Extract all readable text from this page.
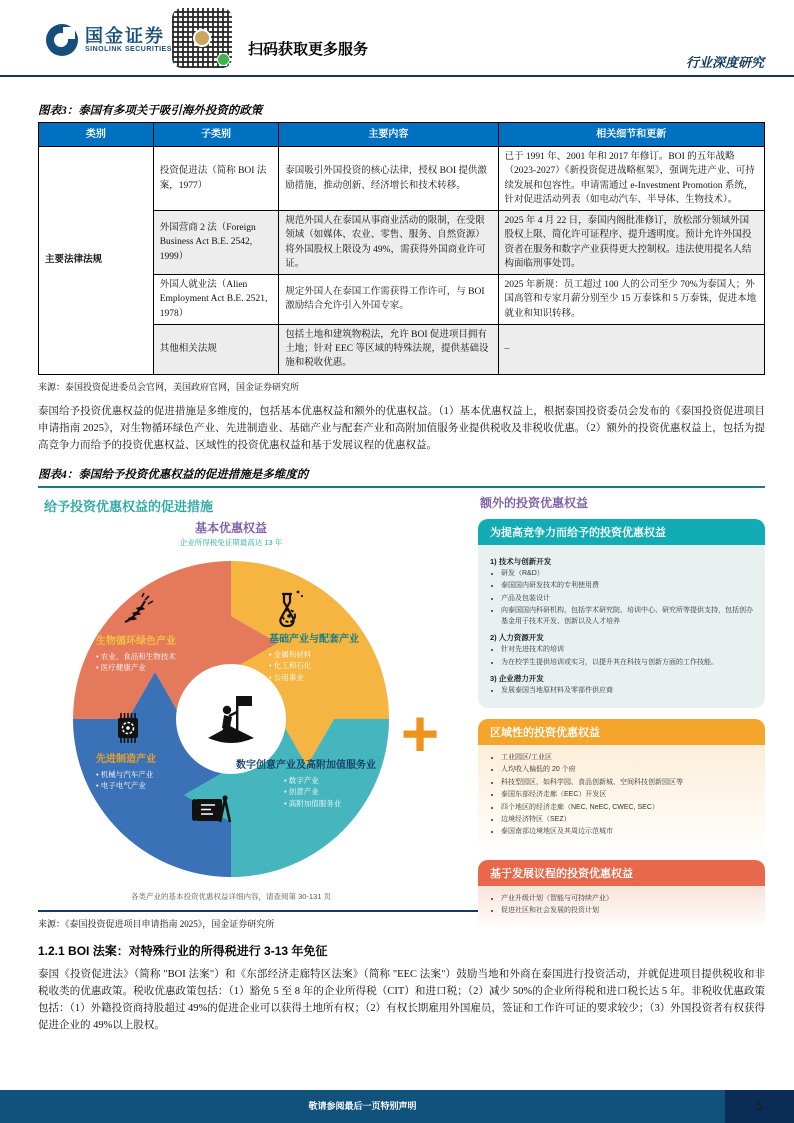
国金证券
SINOLINK SECURITIES	扫码获取更多服务
行业深度研究
图表3：泰国有多项关于吸引海外投资的政策
类别	子类别	主要内容	相关细节和更新
主要法律法规	投资促进法（简称 BOI 法案，1977）	泰国吸引外国投资的核心法律，授权 BOI 提供激励措施，推动创新、经济增长和技术转移。	已于 1991 年、2001 年和 2017 年修订。BOI 的五年战略（2023-2027）《新投资促进战略框架》，强调先进产业、可持续发展和包容性。申请需通过 e-Investment Promotion 系统，针对促进活动列表（如电动汽车、半导体、生物技术）。
	外国营商 2 法（Foreign Business Act B.E. 2542, 1999）	规范外国人在泰国从事商业活动的限制，在受限领域（如媒体、农业、零售、服务、自然资源）将外国股权上限设为 49%，需获得外国商业许可证。	2025 年 4 月 22 日，泰国内阁批准修订，放松部分领域外国股权上限、简化许可证程序、提升透明度。预计允许外国投资者在服务和数字产业获得更大控制权。违法使用提名人结构面临刑事处罚。
	外国人就业法（Alien Employment Act B.E. 2521, 1978）	规定外国人在泰国工作需获得工作许可，与 BOI 激励结合允许引入外国专家。	2025 年新规：员工超过 100 人的公司至少 70%为泰国人；外国高管和专家月薪分别至少 15 万泰铢和 5 万泰铢，促进本地就业和知识转移。
	其他相关法规	包括土地和建筑物税法，允许 BOI 促进项目拥有土地；针对 EEC 等区域的特殊法规，提供基础设施和税收优惠。	–
来源：泰国投资促进委员会官网，美国政府官网，国金证券研究所

泰国给予投资优惠权益的促进措施是多维度的，包括基本优惠权益和额外的优惠权益。（1）基本优惠权益上，根据泰国投资委员会发布的《泰国投资促进项目申请指南 2025》，对生物循环绿色产业、先进制造业、基础产业与配套产业和高附加值服务业提供税收及非税收优惠。（2）额外的投资优惠权益上，包括为提高竞争力而给予的投资优惠权益、区域性的投资优惠权益和基于发展议程的优惠权益。

图表4：泰国给予投资优惠权益的促进措施是多维度的
给予投资优惠权益的促进措施
基本优惠权益
企业所得税免征期最高达 13 年
生物循环绿色产业
• 农业、食品和生物技术
• 医疗健康产业
基础产业与配套产业
• 金属和材料
• 化工和石化
• 公用事业
先进制造产业
• 机械与汽车产业
• 电子电气产业
数字创意产业及高附加值服务业
• 数字产业
• 创意产业
• 高附加值服务业
各类产业的基本投资优惠权益详细内容，请查阅第 30-131 页
+
额外的投资优惠权益
为提高竞争力而给予的投资优惠权益
1) 技术与创新开发
• 研发（R&D）
• 泰国国内研发技术的专利使用费
• 产品及包装设计
• 向泰国国内科研机构，包括学术研究院、培训中心、研究所等提供支持，包括创办基金用于技术开发、创新以及人才培养
2) 人力资源开发
• 针对先进技术的培训
• 为在校学生提供培训或实习，以提升其在科技与创新方面的工作技能。
3) 企业潜力开发
• 发展泰国当地原材料及零部件供应商
区域性的投资优惠权益
• 工业园区/工业区
• 人均收入偏低的 20 个府
• 科技型园区，如科学园、食品创新城、空间科技创新园区等
• 泰国东部经济走廊（EEC）开发区
• 四个地区的经济走廊（NEC, NeEC, CWEC, SEC）
• 边境经济特区（SEZ）
• 泰国南部边境地区及其周边示范城市
基于发展议程的投资优惠权益
• 产业升级计划（智能与可持续产业）
• 促进社区和社会发展的投资计划
来源：《泰国投资促进项目申请指南 2025》，国金证券研究所
1.2.1 BOI 法案：对特殊行业的所得税进行 3-13 年免征

泰国《投资促进法》（简称 "BOI 法案"）和《东部经济走廊特区法案》（简称 "EEC 法案"）鼓励当地和外商在泰国进行投资活动，并就促进项目提供税收和非税收类的优惠政策。税收优惠政策包括：（1）豁免 5 至 8 年的企业所得税（CIT）和进口税；（2）减少 50%的企业所得税和进口税长达 5 年。非税收优惠政策包括：（1）外籍投资商持股超过 49%的促进企业可以获得土地所有权；（2）有权长期雇用外国雇员，签证和工作许可证的要求较少；（3）外国投资者有权获得促进企业的 49%以上股权。

敬请参阅最后一页特别声明	5
